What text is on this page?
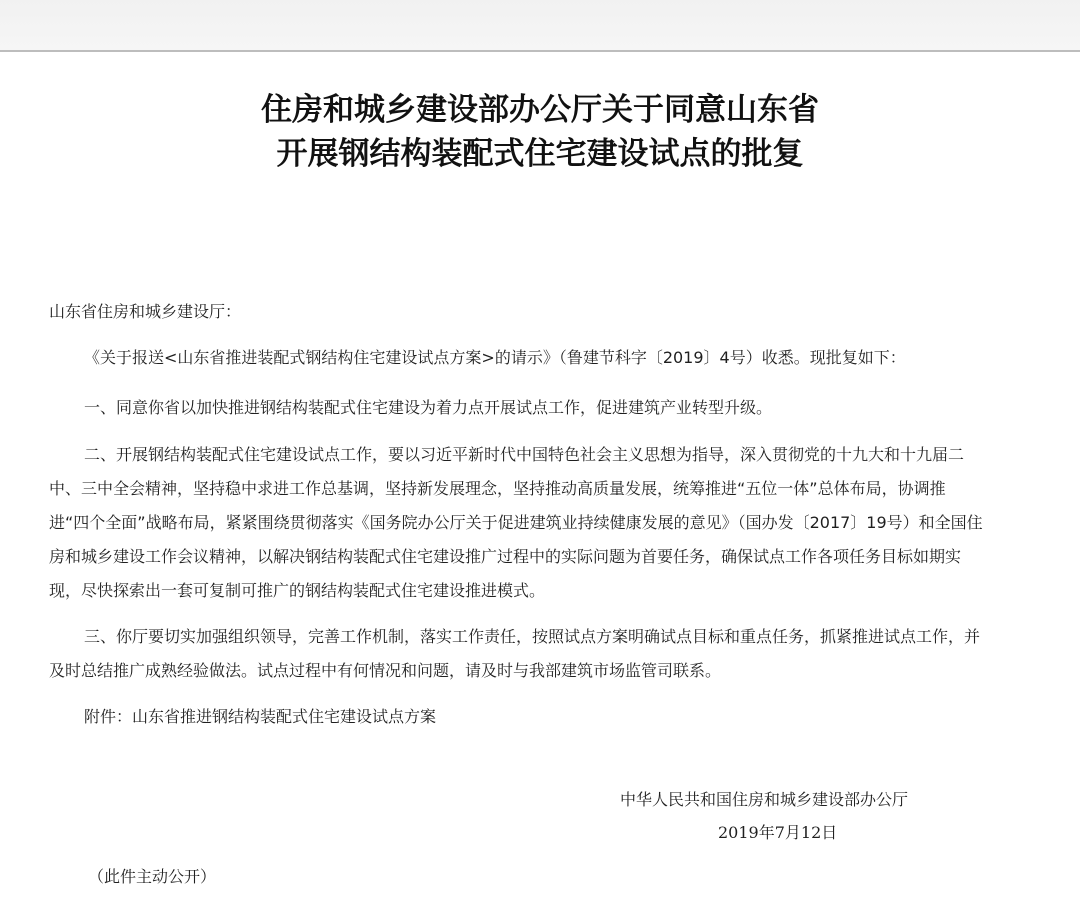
住房和城乡建设部办公厅关于同意山东省
开展钢结构装配式住宅建设试点的批复
山东省住房和城乡建设厅：
《关于报送<山东省推进装配式钢结构住宅建设试点方案>的请示》（鲁建节科字〔2019〕4号）收悉。现批复如下：
一、同意你省以加快推进钢结构装配式住宅建设为着力点开展试点工作，促进建筑产业转型升级。
二、开展钢结构装配式住宅建设试点工作，要以习近平新时代中国特色社会主义思想为指导，深入贯彻党的十九大和十九届二
中、三中全会精神，坚持稳中求进工作总基调，坚持新发展理念，坚持推动高质量发展，统筹推进“五位一体”总体布局，协调推
进“四个全面”战略布局，紧紧围绕贯彻落实《国务院办公厅关于促进建筑业持续健康发展的意见》（国办发〔2017〕19号）和全国住
房和城乡建设工作会议精神，以解决钢结构装配式住宅建设推广过程中的实际问题为首要任务，确保试点工作各项任务目标如期实
现，尽快探索出一套可复制可推广的钢结构装配式住宅建设推进模式。
三、你厅要切实加强组织领导，完善工作机制，落实工作责任，按照试点方案明确试点目标和重点任务，抓紧推进试点工作，并
及时总结推广成熟经验做法。试点过程中有何情况和问题，请及时与我部建筑市场监管司联系。
附件：山东省推进钢结构装配式住宅建设试点方案
中华人民共和国住房和城乡建设部办公厅
2019年7月12日
（此件主动公开）
